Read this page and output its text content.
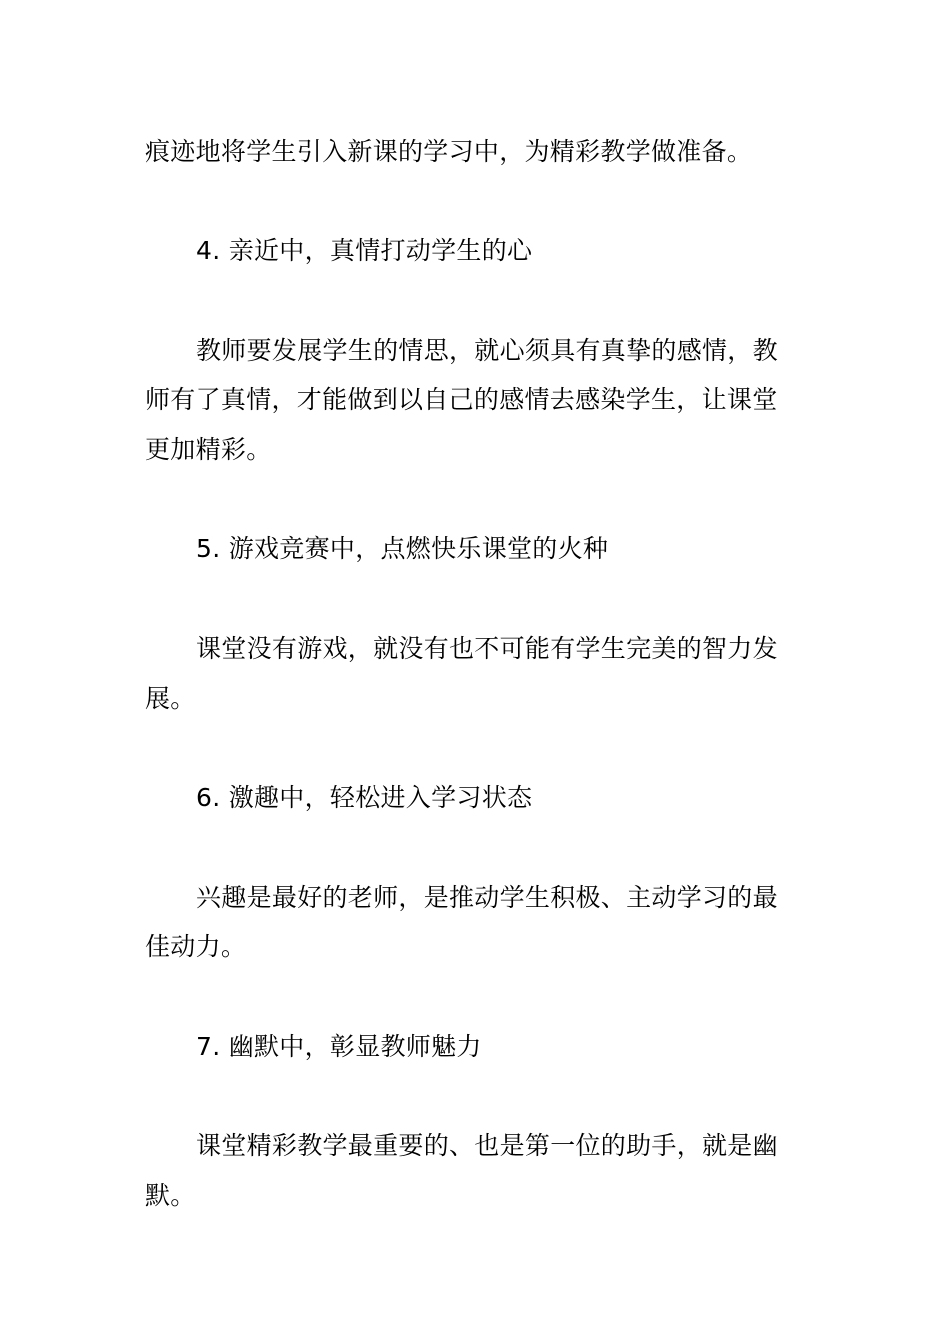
痕迹地将学生引入新课的学习中，为精彩教学做准备。
4. 亲近中，真情打动学生的心
教师要发展学生的情思，就心须具有真挚的感情，教
师有了真情，才能做到以自己的感情去感染学生，让课堂
更加精彩。
5. 游戏竞赛中，点燃快乐课堂的火种
课堂没有游戏，就没有也不可能有学生完美的智力发
展。
6. 激趣中，轻松进入学习状态
兴趣是最好的老师，是推动学生积极、主动学习的最
佳动力。
7. 幽默中，彰显教师魅力
课堂精彩教学最重要的、也是第一位的助手，就是幽
默。
